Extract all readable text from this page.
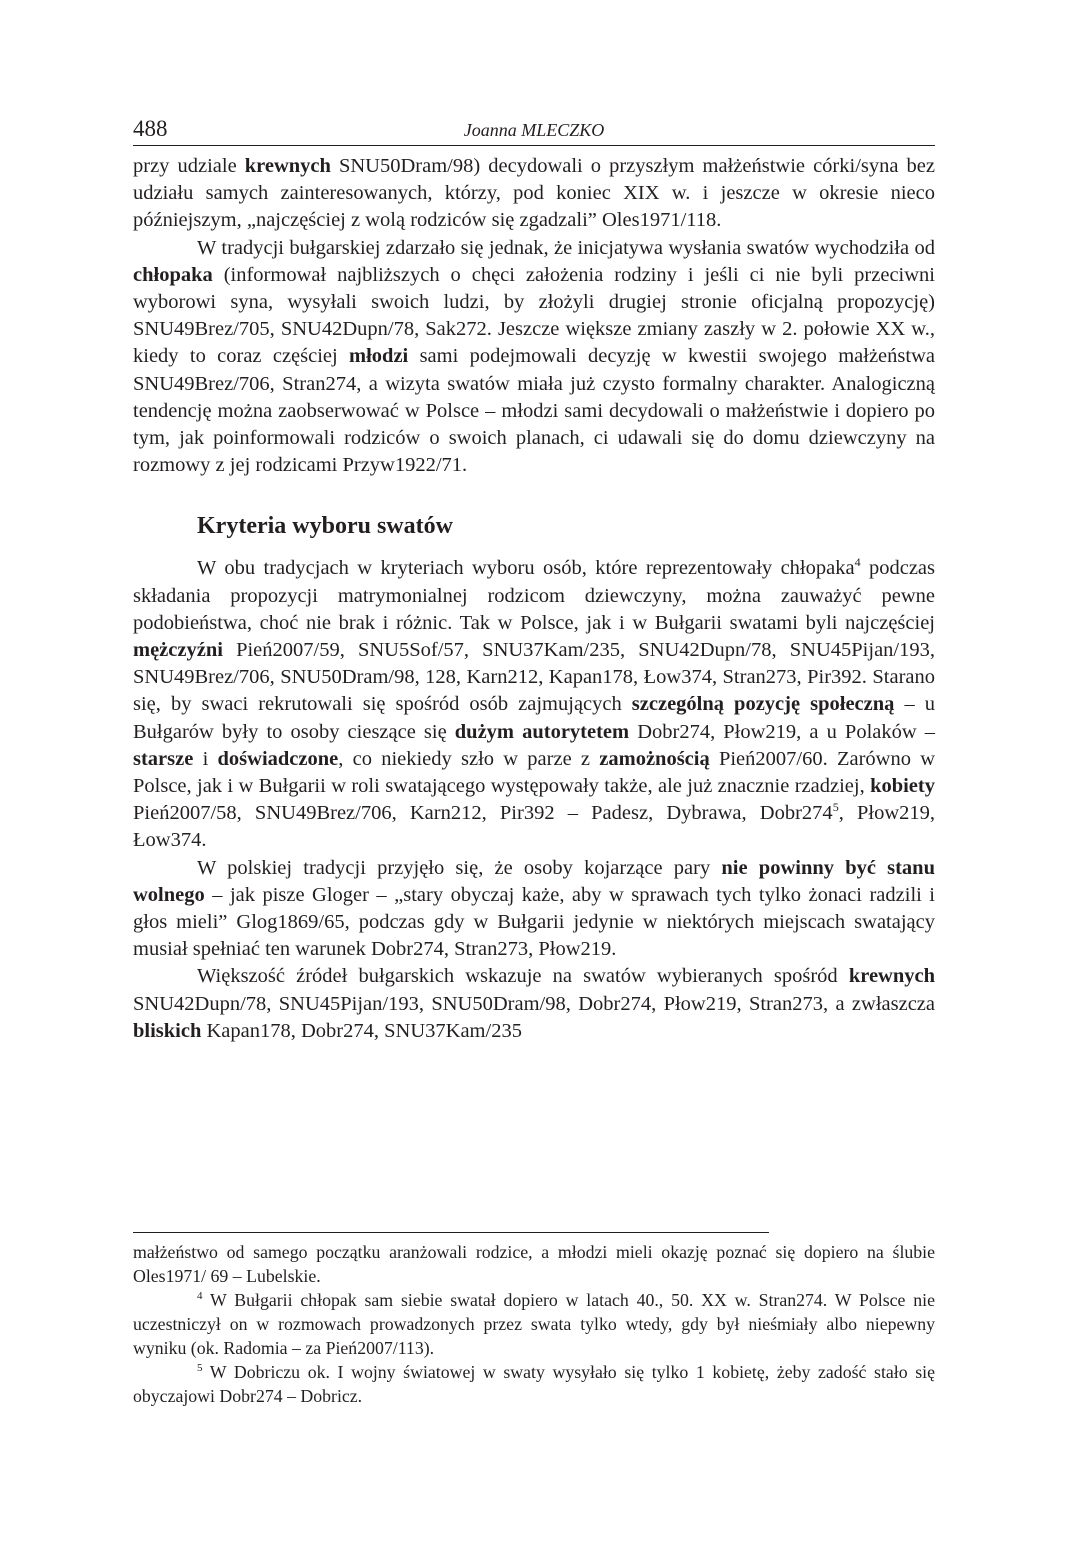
488	Joanna MLECZKO

przy udziale krewnych SNU50Dram/98) decydowali o przyszłym małżeństwie córki/syna bez udziału samych zainteresowanych, którzy, pod koniec XIX w. i jeszcze w okresie nieco późniejszym, „najczęściej z wolą rodziców się zgadzali” Oles1971/118.

W tradycji bułgarskiej zdarzało się jednak, że inicjatywa wysłania swatów wychodziła od chłopaka (informował najbliższych o chęci założenia rodziny i jeśli ci nie byli przeciwni wyborowi syna, wysyłali swoich ludzi, by złożyli drugiej stronie oficjalną propozycję) SNU49Brez/705, SNU42Dupn/78, Sak272. Jeszcze większe zmiany zaszły w 2. połowie XX w., kiedy to coraz częściej młodzi sami podejmowali decyzję w kwestii swojego małżeństwa SNU49Brez/706, Stran274, a wizyta swatów miała już czysto formalny charakter. Analogiczną tendencję można zaobserwować w Polsce – młodzi sami decydowali o małżeństwie i dopiero po tym, jak poinformowali rodziców o swoich planach, ci udawali się do domu dziewczyny na rozmowy z jej rodzicami Przyw1922/71.

Kryteria wyboru swatów

W obu tradycjach w kryteriach wyboru osób, które reprezentowały chłopaka$^4$ podczas składania propozycji matrymonialnej rodzicom dziewczyny, można zauważyć pewne podobieństwa, choć nie brak i różnic. Tak w Polsce, jak i w Bułgarii swatami byli najczęściej mężczyźni Pień2007/59, SNU5Sof/57, SNU37Kam/235, SNU42Dupn/78, SNU45Pijan/193, SNU49Brez/706, SNU50Dram/98, 128, Karn212, Kapan178, Łow374, Stran273, Pir392. Starano się, by swaci rekrutowali się spośród osób zajmujących szczególną pozycję społeczną – u Bułgarów były to osoby cieszące się dużym autorytetem Dobr274, Płow219, a u Polaków – starsze i doświadczone, co niekiedy szło w parze z zamożnością Pień2007/60. Zarówno w Polsce, jak i w Bułgarii w roli swatającego występowały także, ale już znacznie rzadziej, kobiety Pień2007/58, SNU49Brez/706, Karn212, Pir392 – Padesz, Dybrawa, $Dobr274^5$, Płow219, Łow374.

W polskiej tradycji przyjęło się, że osoby kojarzące pary nie powinny być stanu wolnego – jak pisze Gloger – „stary obyczaj każe, aby w sprawach tych tylko żonaci radzili i głos mieli” Glog1869/65, podczas gdy w Bułgarii jedynie w niektórych miejscach swatający musiał spełniać ten warunek Dobr274, Stran273, Płow219.

Większość źródeł bułgarskich wskazuje na swatów wybieranych spośród krewnych SNU42Dupn/78, SNU45Pijan/193, SNU50Dram/98, Dobr274, Płow219, Stran273, a zwłaszcza bliskich Kapan178, Dobr274, SNU37Kam/235

małżeństwo od samego początku aranżowali rodzice, a młodzi mieli okazję poznać się dopiero na ślubie Oles1971/ 69 – Lubelskie.

$^4$ W Bułgarii chłopak sam siebie swatał dopiero w latach 40., 50. XX w. Stran274. W Polsce nie uczestniczył on w rozmowach prowadzonych przez swata tylko wtedy, gdy był nieśmiały albo niepewny wyniku (ok. Radomia – za Pień2007/113).

$^5$ W Dobriczu ok. I wojny światowej w swaty wysyłało się tylko 1 kobietę, żeby zadość stało się obyczajowi Dobr274 – Dobricz.
